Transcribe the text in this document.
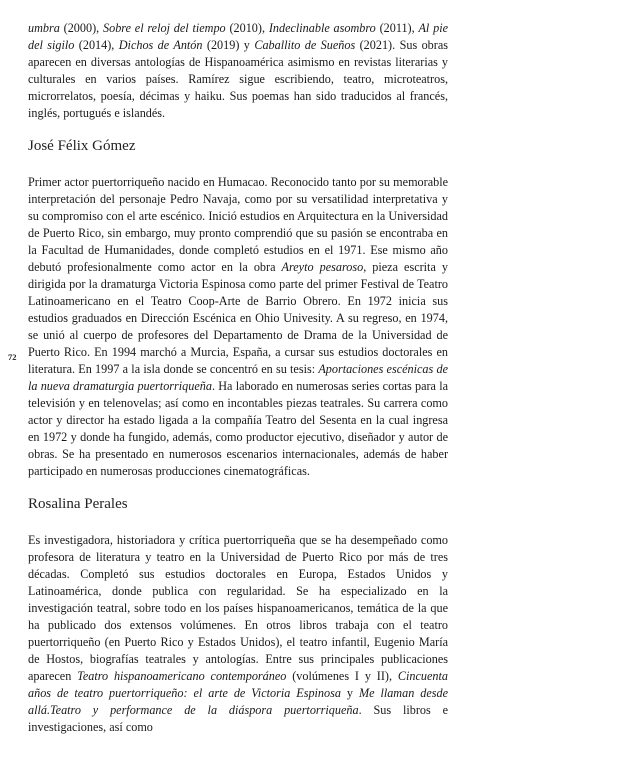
72

umbra (2000), Sobre el reloj del tiempo (2010), Indeclinable asombro (2011), Al pie del sigilo (2014), Dichos de Antón (2019) y Caballito de Sueños (2021). Sus obras aparecen en diversas antologías de Hispanoamérica asimismo en revistas literarias y culturales en varios países. Ramírez sigue escribiendo, teatro, microteatros, microrrelatos, poesía, décimas y haiku. Sus poemas han sido traducidos al francés, inglés, portugués e islandés.

José Félix Gómez

Primer actor puertorriqueño nacido en Humacao. Reconocido tanto por su memorable interpretación del personaje Pedro Navaja, como por su versatilidad interpretativa y su compromiso con el arte escénico. Inició estudios en Arquitectura en la Universidad de Puerto Rico, sin embargo, muy pronto comprendió que su pasión se encontraba en la Facultad de Humanidades, donde completó estudios en el 1971. Ese mismo año debutó profesionalmente como actor en la obra Areyto pesaroso, pieza escrita y dirigida por la dramaturga Victoria Espinosa como parte del primer Festival de Teatro Latinoamericano en el Teatro Coop-Arte de Barrio Obrero. En 1972 inicia sus estudios graduados en Dirección Escénica en Ohio Univesity. A su regreso, en 1974, se unió al cuerpo de profesores del Departamento de Drama de la Universidad de Puerto Rico. En 1994 marchó a Murcia, España, a cursar sus estudios doctorales en literatura. En 1997 a la isla donde se concentró en su tesis: Aportaciones escénicas de la nueva dramaturgia puertorriqueña. Ha laborado en numerosas series cortas para la televisión y en telenovelas; así como en incontables piezas teatrales. Su carrera como actor y director ha estado ligada a la compañía Teatro del Sesenta en la cual ingresa en 1972 y donde ha fungido, además, como productor ejecutivo, diseñador y autor de obras. Se ha presentado en numerosos escenarios internacionales, además de haber participado en numerosas producciones cinematográficas.

Rosalina Perales

Es investigadora, historiadora y crítica puertorriqueña que se ha desempeñado como profesora de literatura y teatro en la Universidad de Puerto Rico por más de tres décadas. Completó sus estudios doctorales en Europa, Estados Unidos y Latinoamérica, donde publica con regularidad. Se ha especializado en la investigación teatral, sobre todo en los países hispanoamericanos, temática de la que ha publicado dos extensos volúmenes. En otros libros trabaja con el teatro puertorriqueño (en Puerto Rico y Estados Unidos), el teatro infantil, Eugenio María de Hostos, biografías teatrales y antologías. Entre sus principales publicaciones aparecen Teatro hispanoamericano contemporáneo (volúmenes I y II), Cincuenta años de teatro puertorriqueño: el arte de Victoria Espinosa y Me llaman desde allá.Teatro y performance de la diáspora puertorriqueña. Sus libros e investigaciones, así como
